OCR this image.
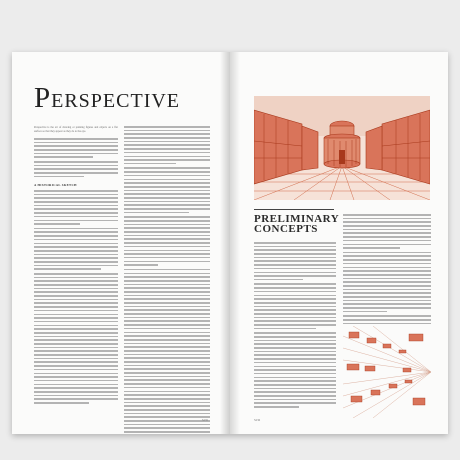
Perspective

Perspective is the art of drawing or painting figures and objects on a flat surface so that they appear as they do to the eye.

A HISTORICAL SKETCH
S235
PRELIMINARY CONCEPTS
S236
